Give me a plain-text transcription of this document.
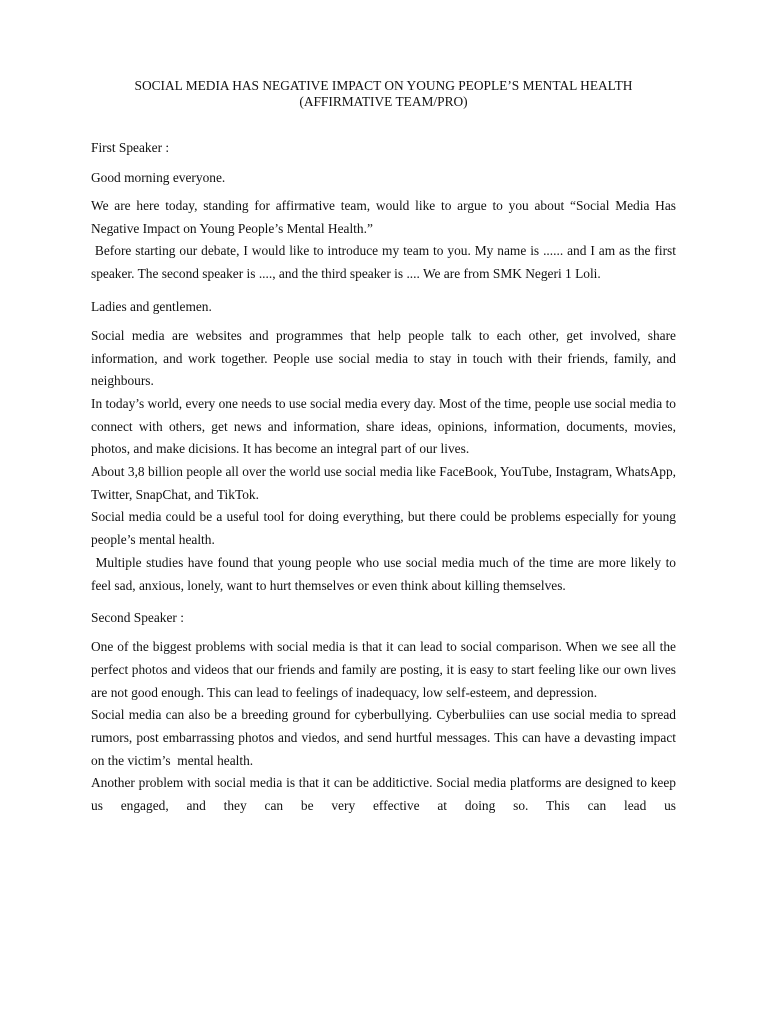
SOCIAL MEDIA HAS NEGATIVE IMPACT ON YOUNG PEOPLE’S MENTAL HEALTH
(AFFIRMATIVE TEAM/PRO)

First Speaker :

Good morning everyone.

We are here today, standing for affirmative team, would like to argue to you about “Social Media Has Negative Impact on Young People’s Mental Health.”

Before starting our debate, I would like to introduce my team to you. My name is ...... and I am as the first speaker. The second speaker is ...., and the third speaker is .... We are from SMK Negeri 1 Loli.

Ladies and gentlemen.

Social media are websites and programmes that help people talk to each other, get involved, share information, and work together. People use social media to stay in touch with their friends, family, and neighbours.

In today’s world, every one needs to use social media every day. Most of the time, people use social media to connect with others, get news and information, share ideas, opinions, information, documents, movies, photos, and make dicisions. It has become an integral part of our lives.

About 3,8 billion people all over the world use social media like FaceBook, YouTube, Instagram, WhatsApp, Twitter, SnapChat, and TikTok.

Social media could be a useful tool for doing everything, but there could be problems especially for young people’s mental health.

Multiple studies have found that young people who use social media much of the time are more likely to feel sad, anxious, lonely, want to hurt themselves or even think about killing themselves.

Second Speaker :

One of the biggest problems with social media is that it can lead to social comparison. When we see all the perfect photos and videos that our friends and family are posting, it is easy to start feeling like our own lives are not good enough. This can lead to feelings of inadequacy, low self-esteem, and depression.

Social media can also be a breeding ground for cyberbullying. Cyberbuliies can use social media to spread rumors, post embarrassing photos and viedos, and send hurtful messages. This can have a devasting impact on the victim’s  mental health.

Another problem with social media is that it can be additictive. Social media platforms are designed to keep us engaged, and they can be very effective at doing so. This can lead us
